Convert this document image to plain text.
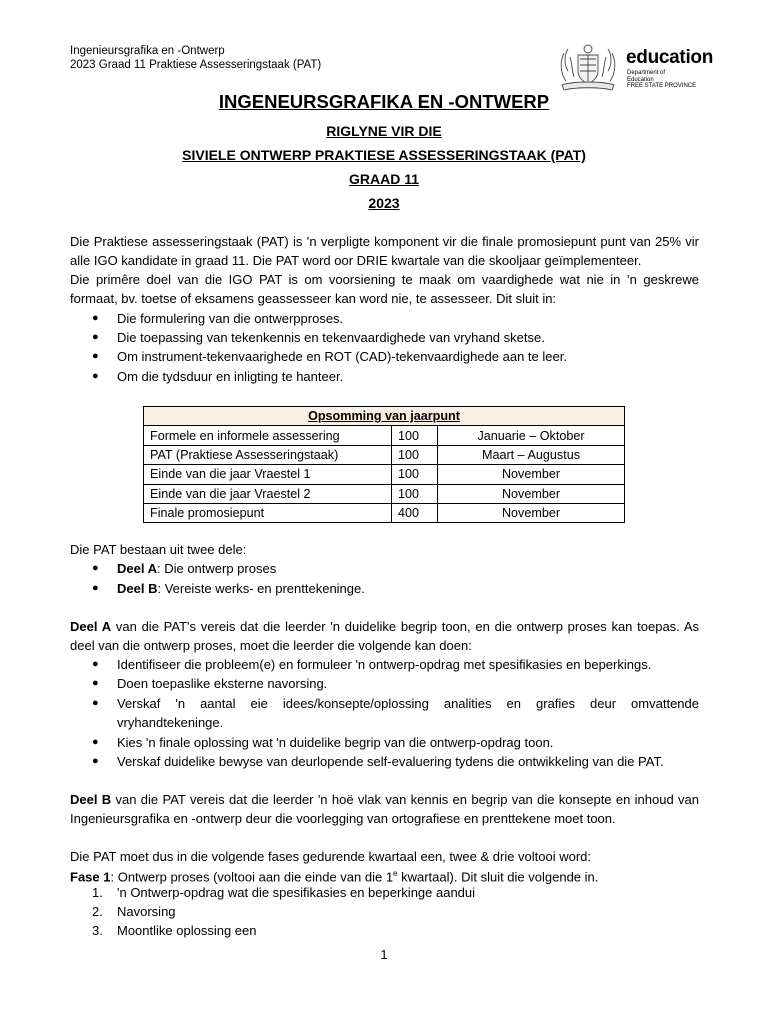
Ingenieursgrafika en -Ontwerp
2023 Graad 11 Praktiese Assesseringstaak (PAT)	education
Department of
Education
FREE STATE PROVINCE
INGENEURSGRAFIKA EN -ONTWERP
RIGLYNE VIR DIE
SIVIELE ONTWERP PRAKTIESE ASSESSERINGSTAAK (PAT)
GRAAD 11
2023
Die Praktiese assesseringstaak (PAT) is ’n verpligte komponent vir die finale promosiepunt punt van 25% vir alle IGO kandidate in graad 11. Die PAT word oor DRIE kwartale van die skooljaar geïmplementeer.
Die primêre doel van die IGO PAT is om voorsiening te maak om vaardighede wat nie in ’n geskrewe formaat, bv. toetse of eksamens geassesseer kan word nie, te assesseer. Dit sluit in:
● Die formulering van die ontwerpproses.
● Die toepassing van tekenkennis en tekenvaardighede van vryhand sketse.
● Om instrument-tekenvaarighede en ROT (CAD)-tekenvaardighede aan te leer.
● Om die tydsduur en inligting te hanteer.
Opsomming van jaarpunt		
Formele en informele assessering	100	Januarie – Oktober
PAT (Praktiese Assesseringstaak)	100	Maart – Augustus
Einde van die jaar Vraestel 1	100	November
Einde van die jaar Vraestel 2	100	November
Finale promosiepunt	400	November
Die PAT bestaan uit twee dele:
● Deel A: Die ontwerp proses
● Deel B: Vereiste werks- en prenttekeninge.
Deel A van die PAT's vereis dat die leerder 'n duidelike begrip toon, en die ontwerp proses kan toepas. As deel van die ontwerp proses, moet die leerder die volgende kan doen:
● Identifiseer die probleem(e) en formuleer 'n ontwerp-opdrag met spesifikasies en beperkings.
● Doen toepaslike eksterne navorsing.
● Verskaf 'n aantal eie idees/konsepte/oplossing analities en grafies deur omvattende vryhandtekeninge.
● Kies 'n finale oplossing wat 'n duidelike begrip van die ontwerp-opdrag toon.
● Verskaf duidelike bewyse van deurlopende self-evaluering tydens die ontwikkeling van die PAT.
Deel B van die PAT vereis dat die leerder 'n hoë vlak van kennis en begrip van die konsepte en inhoud van Ingenieursgrafika en -ontwerp deur die voorlegging van ortografiese en prenttekene moet toon.
Die PAT moet dus in die volgende fases gedurende kwartaal een, twee & drie voltooi word:
Fase 1: Ontwerp proses (voltooi aan die einde van die 1e kwartaal). Dit sluit die volgende in.
1. 'n Ontwerp-opdrag wat die spesifikasies en beperkinge aandui
2. Navorsing
3. Moontlike oplossing een
1
